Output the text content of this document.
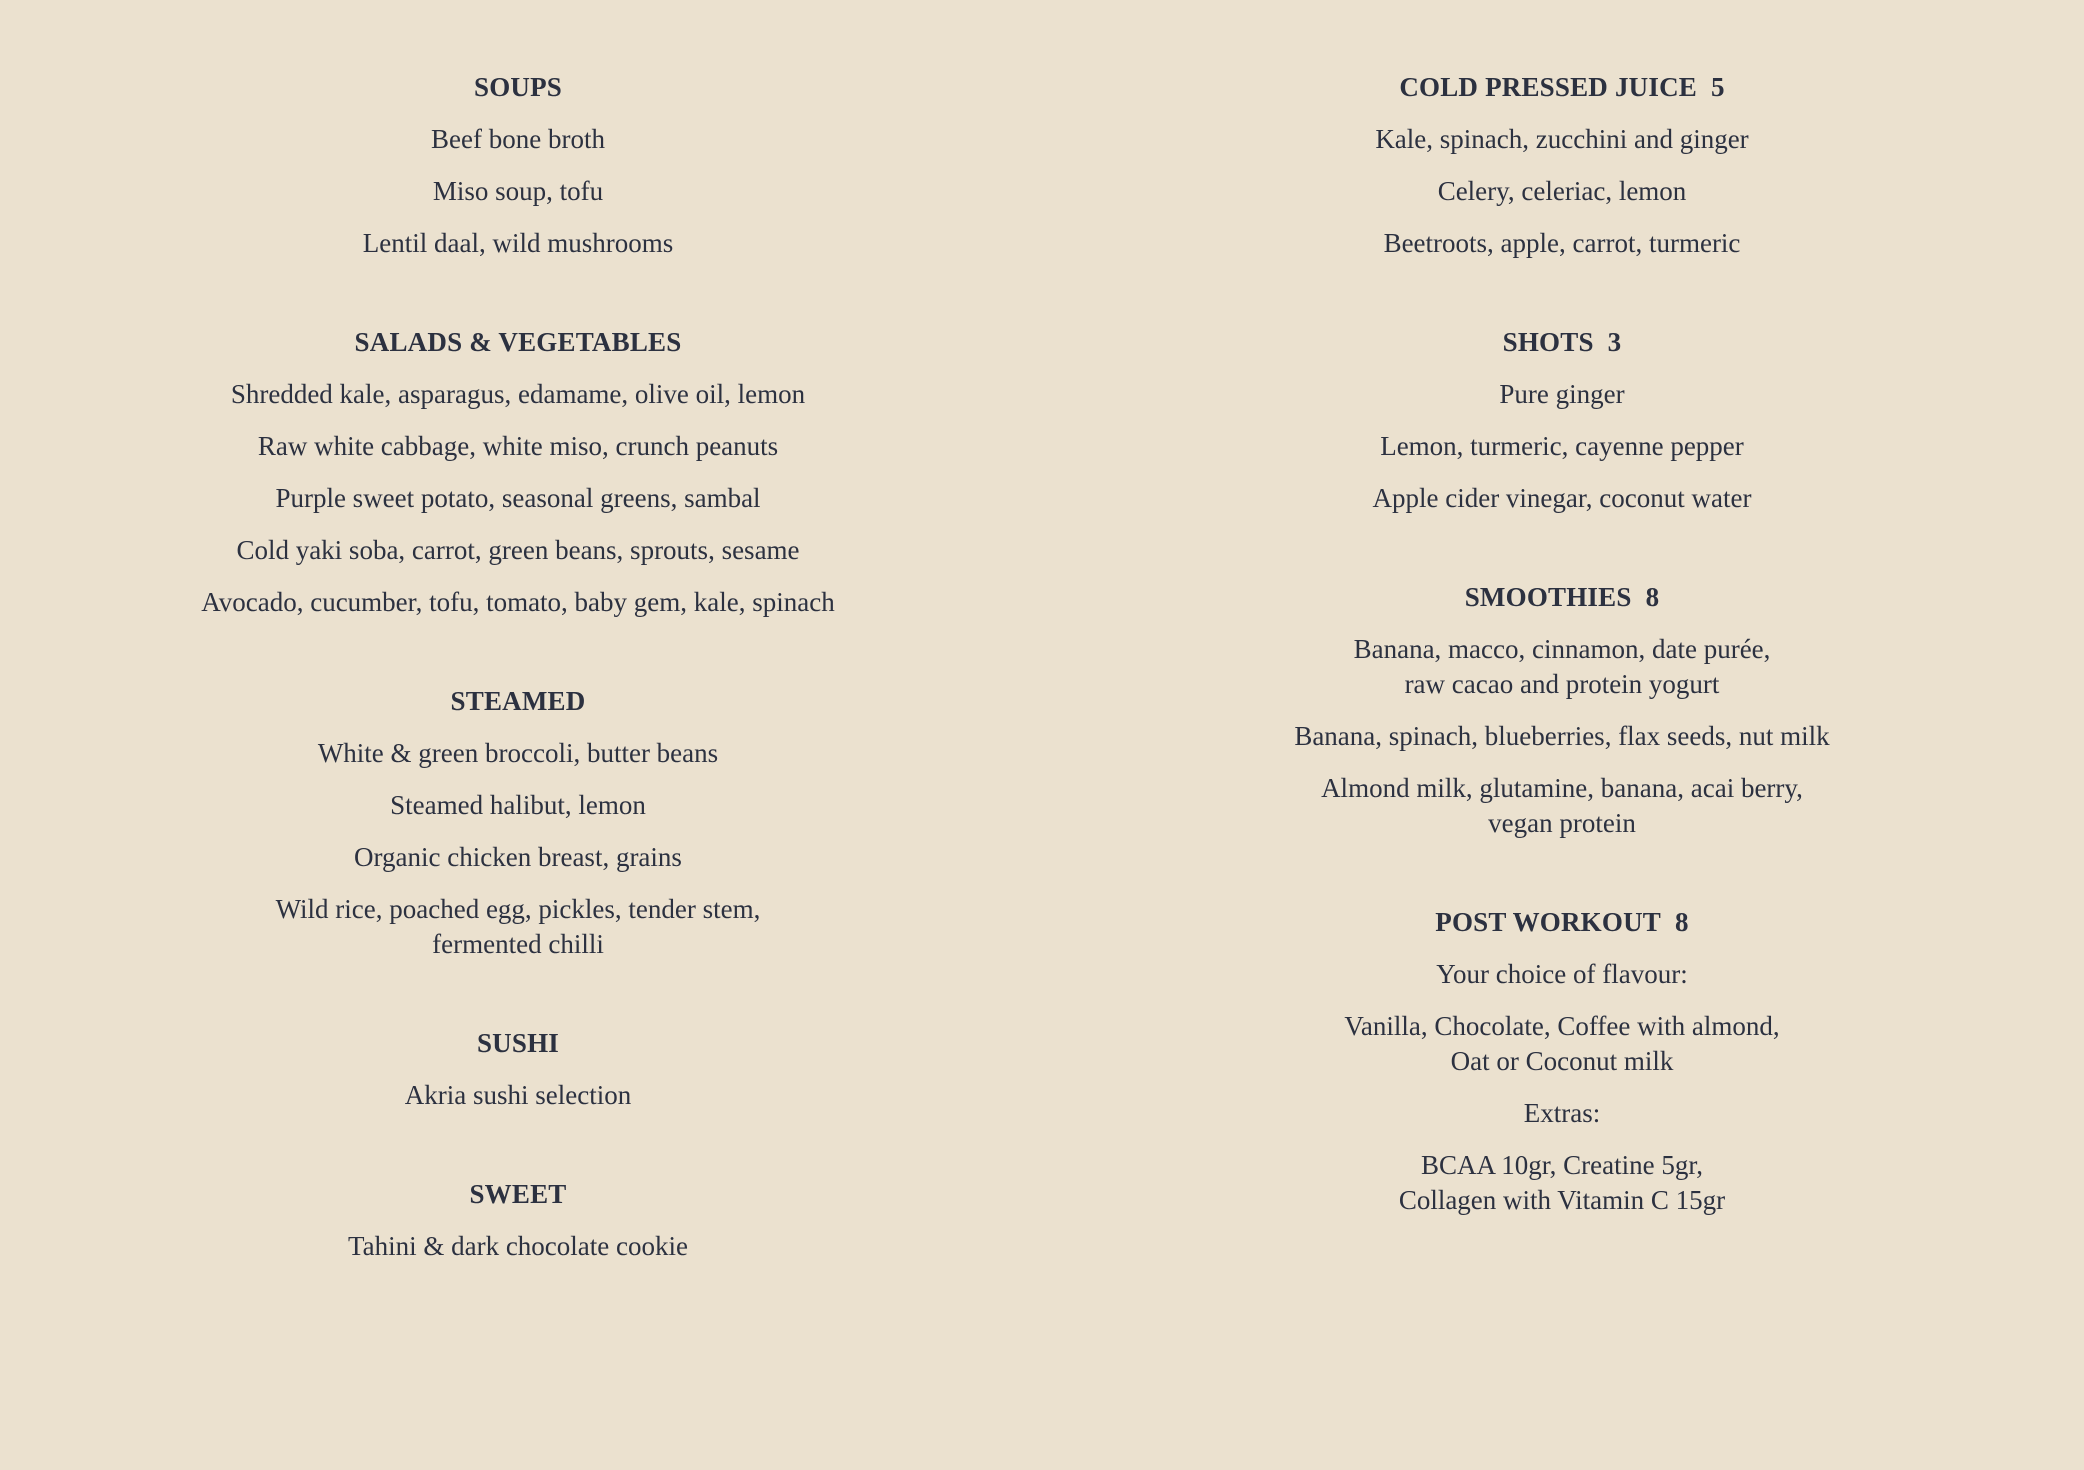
SOUPS
Beef bone broth
Miso soup, tofu
Lentil daal, wild mushrooms
SALADS & VEGETABLES
Shredded kale, asparagus, edamame, olive oil, lemon
Raw white cabbage, white miso, crunch peanuts
Purple sweet potato, seasonal greens, sambal
Cold yaki soba, carrot, green beans, sprouts, sesame
Avocado, cucumber, tofu, tomato, baby gem, kale, spinach
STEAMED
White & green broccoli, butter beans
Steamed halibut, lemon
Organic chicken breast, grains
Wild rice, poached egg, pickles, tender stem,
fermented chilli
SUSHI
Akria sushi selection
SWEET
Tahini & dark chocolate cookie
COLD PRESSED JUICE 5
Kale, spinach, zucchini and ginger
Celery, celeriac, lemon
Beetroots, apple, carrot, turmeric
SHOTS 3
Pure ginger
Lemon, turmeric, cayenne pepper
Apple cider vinegar, coconut water
SMOOTHIES 8
Banana, macco, cinnamon, date purée,
raw cacao and protein yogurt
Banana, spinach, blueberries, flax seeds, nut milk
Almond milk, glutamine, banana, acai berry,
vegan protein
POST WORKOUT 8
Your choice of flavour:
Vanilla, Chocolate, Coffee with almond,
Oat or Coconut milk
Extras:
BCAA 10gr, Creatine 5gr,
Collagen with Vitamin C 15gr
